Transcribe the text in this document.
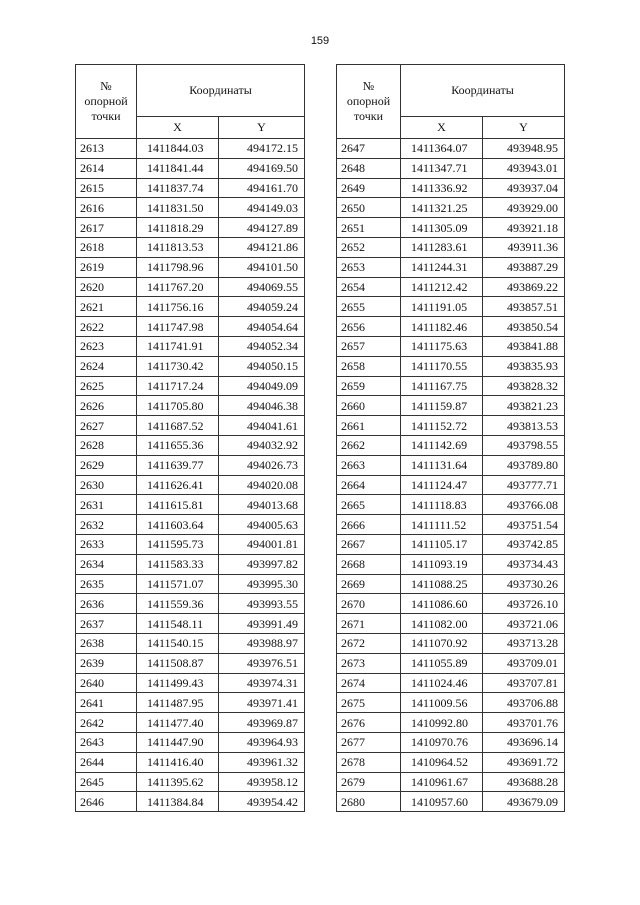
159
№
опорной
точки	Координаты	
	X	Y
2613	1411844.03	494172.15
2614	1411841.44	494169.50
2615	1411837.74	494161.70
2616	1411831.50	494149.03
2617	1411818.29	494127.89
2618	1411813.53	494121.86
2619	1411798.96	494101.50
2620	1411767.20	494069.55
2621	1411756.16	494059.24
2622	1411747.98	494054.64
2623	1411741.91	494052.34
2624	1411730.42	494050.15
2625	1411717.24	494049.09
2626	1411705.80	494046.38
2627	1411687.52	494041.61
2628	1411655.36	494032.92
2629	1411639.77	494026.73
2630	1411626.41	494020.08
2631	1411615.81	494013.68
2632	1411603.64	494005.63
2633	1411595.73	494001.81
2634	1411583.33	493997.82
2635	1411571.07	493995.30
2636	1411559.36	493993.55
2637	1411548.11	493991.49
2638	1411540.15	493988.97
2639	1411508.87	493976.51
2640	1411499.43	493974.31
2641	1411487.95	493971.41
2642	1411477.40	493969.87
2643	1411447.90	493964.93
2644	1411416.40	493961.32
2645	1411395.62	493958.12
2646	1411384.84	493954.42
№
опорной
точки	Координаты	
	X	Y
2647	1411364.07	493948.95
2648	1411347.71	493943.01
2649	1411336.92	493937.04
2650	1411321.25	493929.00
2651	1411305.09	493921.18
2652	1411283.61	493911.36
2653	1411244.31	493887.29
2654	1411212.42	493869.22
2655	1411191.05	493857.51
2656	1411182.46	493850.54
2657	1411175.63	493841.88
2658	1411170.55	493835.93
2659	1411167.75	493828.32
2660	1411159.87	493821.23
2661	1411152.72	493813.53
2662	1411142.69	493798.55
2663	1411131.64	493789.80
2664	1411124.47	493777.71
2665	1411118.83	493766.08
2666	1411111.52	493751.54
2667	1411105.17	493742.85
2668	1411093.19	493734.43
2669	1411088.25	493730.26
2670	1411086.60	493726.10
2671	1411082.00	493721.06
2672	1411070.92	493713.28
2673	1411055.89	493709.01
2674	1411024.46	493707.81
2675	1411009.56	493706.88
2676	1410992.80	493701.76
2677	1410970.76	493696.14
2678	1410964.52	493691.72
2679	1410961.67	493688.28
2680	1410957.60	493679.09
